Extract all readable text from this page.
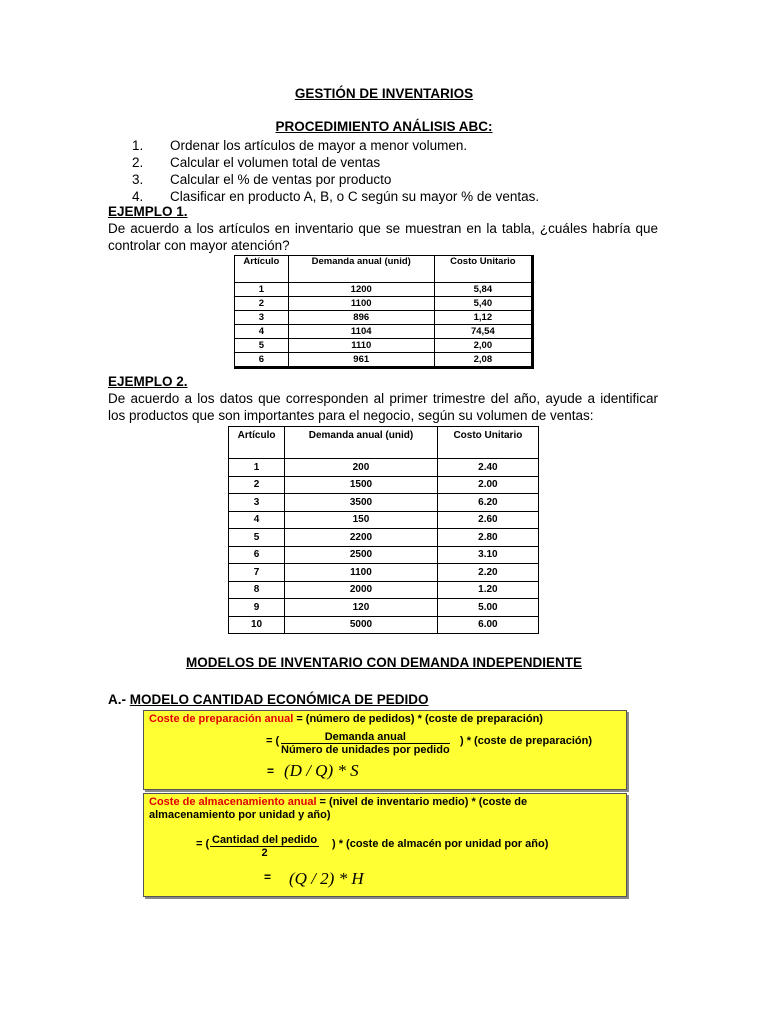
GESTIÓN DE INVENTARIOS
PROCEDIMIENTO ANÁLISIS ABC:
1.	Ordenar los artículos de mayor a menor volumen.
2.	Calcular el volumen total de ventas
3.	Calcular el % de ventas por producto
4.	Clasificar en producto A, B, o C según su mayor % de ventas.
EJEMPLO 1.
De acuerdo a los artículos en inventario que se muestran en la tabla, ¿cuáles habría que controlar con mayor atención?
Artículo	Demanda anual (unid)	Costo Unitario
1	1200	5,84
2	1100	5,40
3	896	1,12
4	1104	74,54
5	1110	2,00
6	961	2,08
EJEMPLO 2.
De acuerdo a los datos que corresponden al primer trimestre del año, ayude a identificar los productos que son importantes para el negocio, según su volumen de ventas:
Artículo	Demanda anual (unid)	Costo Unitario
1	200	2.40
2	1500	2.00
3	3500	6.20
4	150	2.60
5	2200	2.80
6	2500	3.10
7	1100	2.20
8	2000	1.20
9	120	5.00
10	5000	6.00
MODELOS DE INVENTARIO CON DEMANDA INDEPENDIENTE
A.- MODELO CANTIDAD ECONÓMICA DE PEDIDO
Coste de preparación anual = (número de pedidos) * (coste de preparación)
= (	Demanda anual
Número de unidades por pedido
) * (coste de preparación)
= (D / Q) * S
Coste de almacenamiento anual = (nivel de inventario medio) * (coste de
almacenamiento por unidad y año)
= ( Cantidad del pedido
2
) * (coste de almacén por unidad por año)
= (Q / 2) * H
